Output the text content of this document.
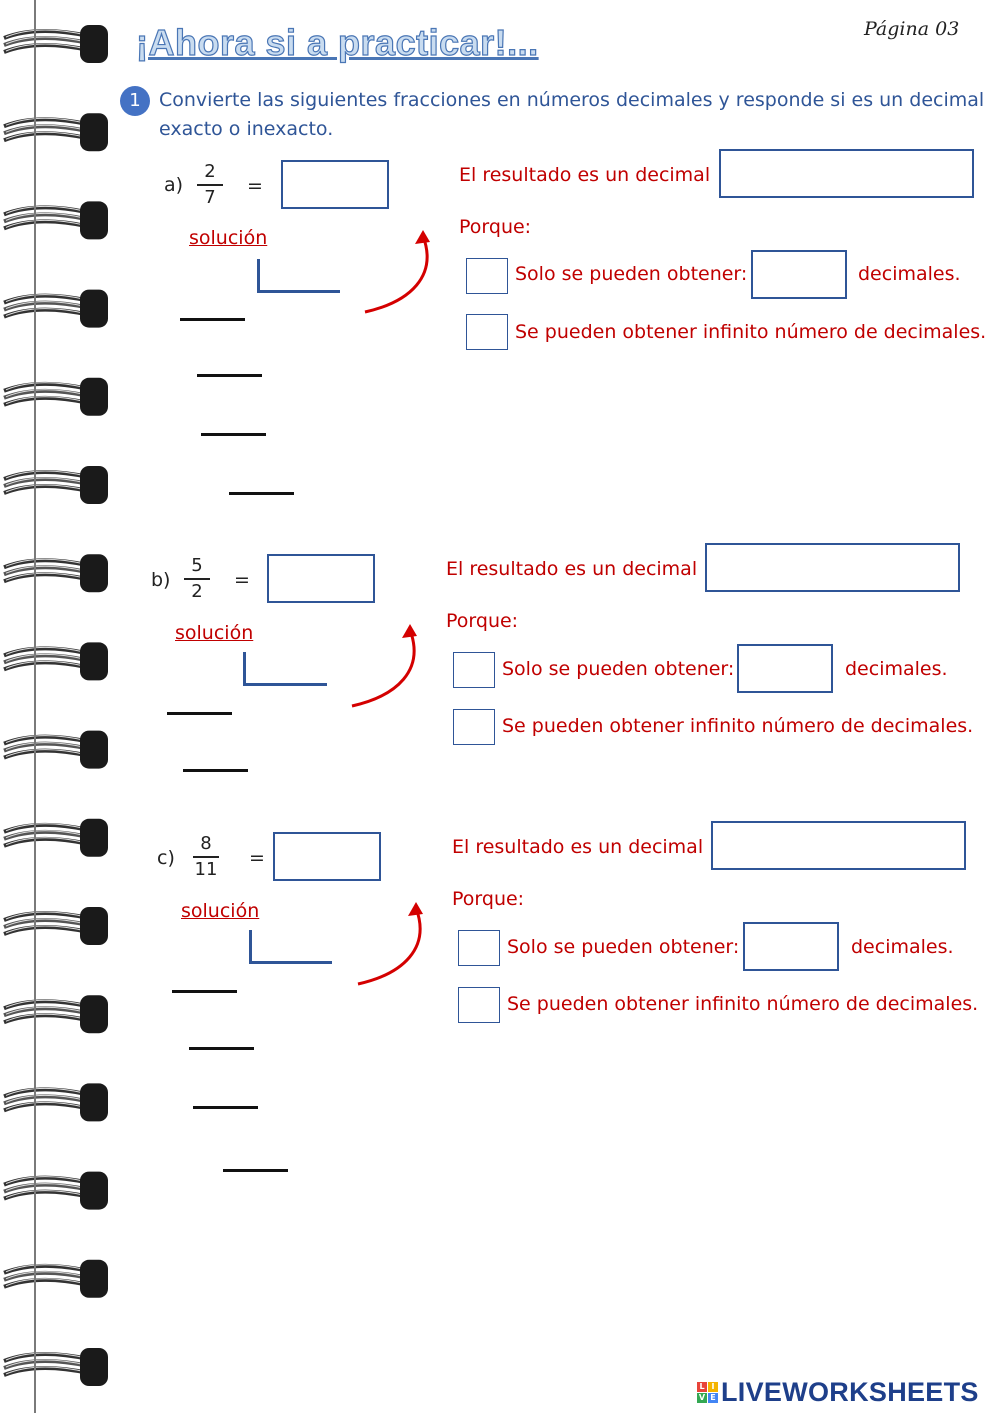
¡Ahora si a practicar!...	Página 03
1 Convierte las siguientes fracciones en números decimales y responde si es un decimal exacto o inexacto.
a)
2
7	=
solución
El resultado es un decimal
Porque:
Solo se pueden obtener:	decimales.
Se pueden obtener infinito número de decimales.
b)
5
2	=
solución
El resultado es un decimal
Porque:
Solo se pueden obtener:	decimales.
Se pueden obtener infinito número de decimales.
c)
8
11 =
solución
El resultado es un decimal
Porque:
Solo se pueden obtener:	decimales.
Se pueden obtener infinito número de decimales.
L I
V E LIVEWORKSHEETS
